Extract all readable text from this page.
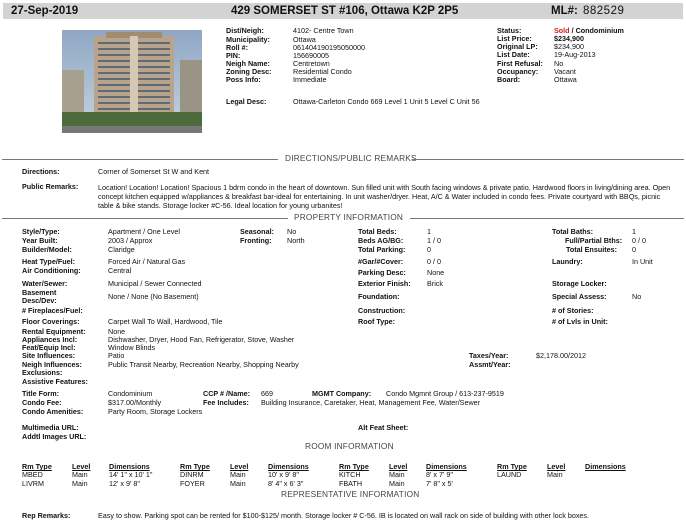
27-Sep-2019	429 SOMERSET ST #106, Ottawa K2P 2P5	ML#: 882529
Dist/Neigh:	4102- Centre Town
Municipality:	Ottawa
Roll #:	061404190195050000
PIN:	156690005
Neigh Name:	Centretown
Zoning Desc:	Residential Condo
Poss Info:	Immediate
Legal Desc:	Ottawa-Carleton Condo 669 Level 1 Unit 5 Level C Unit 56
Status:	Sold / Condominium
List Price:	$234,900
Original LP: $234,900
List Date:	19-Aug-2013
First Refusal: No
Occupancy: Vacant
Board:	Ottawa
DIRECTIONS/PUBLIC REMARKS
Directions:	Corner of Somerset St W and Kent
Public Remarks:	Location! Location! Location! Spacious 1 bdrm condo in the heart of downtown. Sun filled unit with South facing windows & private patio. Hardwood floors in living/dining area. Open concept kitchen equipped w/appliances & breakfast bar-ideal for entertaining. In unit washer/dryer. Heat, A/C & Water included in condo fees. Private courtyard with BBQs, picnic table & bike stands. Storage locker #C-56. Ideal location for young urbanites!
PROPERTY INFORMATION
Style/Type:	Apartment / One Level	Seasonal: No	Total Beds:	1	Total Baths:	1
Year Built:	2003 / Approx	Fronting: North	Beds AG/BG:	1 / 0	Full/Partial Bths: 0 / 0
Builder/Model:	Claridge	Total Parking:	0	Total Ensuites: 0
Heat Type/Fuel:	Forced Air / Natural Gas	#Gar/#Cover:	0 / 0	Laundry:	In Unit
Air Conditioning:	Central	Parking Desc:	None
Water/Sewer:	Municipal / Sewer Connected	Exterior Finish: Brick	Storage Locker:
Basement
Desc/Dev:	None / None (No Basement)	Foundation:	Special Assess:	No
# Fireplaces/Fuel:	Construction:	# of Stories:
Floor Coverings:	Carpet Wall To Wall, Hardwood, Tile	Roof Type:	# of Lvls in Unit:
Rental Equipment:	None
Appliances Incl:	Dishwasher, Dryer, Hood Fan, Refrigerator, Stove, Washer
Feat/Equip Incl:	Window Blinds
Site Influences:	Patio	Taxes/Year:	$2,178.00/2012
Neigh Influences:	Public Transit Nearby, Recreation Nearby, Shopping Nearby	Assmt/Year:
Exclusions:
Assistive Features:
Title Form:	Condominium	CCP # /Name: 669	MGMT Company: Condo Mgmnt Group / 613-237-9519
Condo Fee:	$317.00/Monthly	Fee Includes: Building Insurance, Caretaker, Heat, Management Fee, Water/Sewer
Condo Amenities:	Party Room, Storage Lockers
Multimedia URL:	Alt Feat Sheet:
Addtl Images URL:
ROOM INFORMATION
Rm Type	Level	Dimensions	Rm Type	Level	Dimensions	Rm Type	Level	Dimensions	Rm Type	Level	Dimensions
MBED	Main	14' 1" x 10' 1"	DINRM	Main	10' x 9' 8"	KITCH	Main	8' x 7' 9"	LAUND	Main
LIVRM	Main	12' x 9' 8"	FOYER	Main	8' 4" x 6' 3"	FBATH	Main	7' 8" x 5'
REPRESENTATIVE INFORMATION
Rep Remarks:	Easy to show. Parking spot can be rented for $100-$125/ month. Storage locker # C-56. IB is located on wall rack on side of building with other lock boxes.
